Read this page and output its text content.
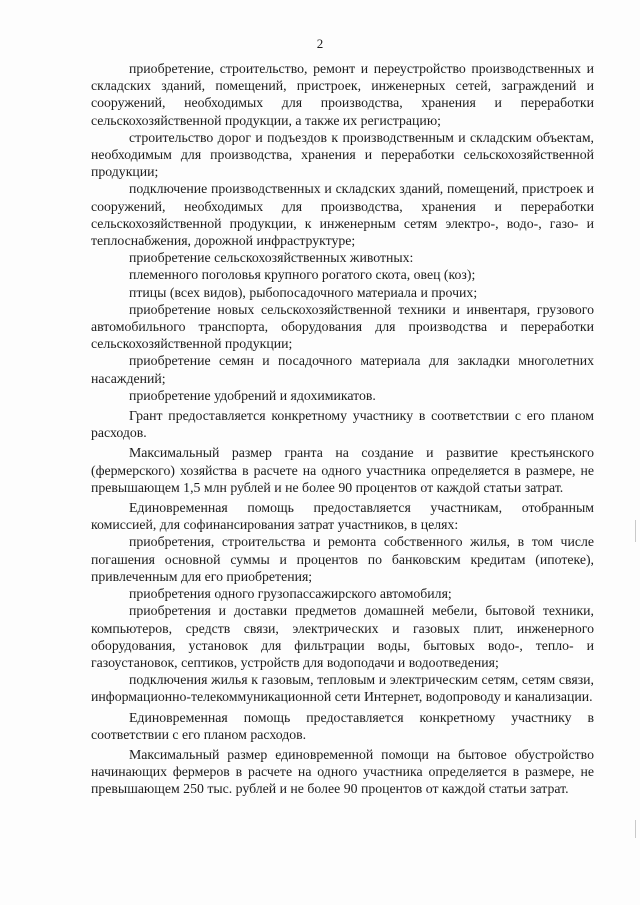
2

приобретение, строительство, ремонт и переустройство производственных и складских зданий, помещений, пристроек, инженерных сетей, заграждений и сооружений, необходимых для производства, хранения и переработки сельскохозяйственной продукции, а также их регистрацию;

строительство дорог и подъездов к производственным и складским объектам, необходимым для производства, хранения и переработки сельскохозяйственной продукции;

подключение производственных и складских зданий, помещений, пристроек и сооружений, необходимых для производства, хранения и переработки сельскохозяйственной продукции, к инженерным сетям электро-, водо-, газо- и теплоснабжения, дорожной инфраструктуре;

приобретение сельскохозяйственных животных:

племенного поголовья крупного рогатого скота, овец (коз);

птицы (всех видов), рыбопосадочного материала и прочих;

приобретение новых сельскохозяйственной техники и инвентаря, грузового автомобильного транспорта, оборудования для производства и переработки сельскохозяйственной продукции;

приобретение семян и посадочного материала для закладки многолетних насаждений;

приобретение удобрений и ядохимикатов.

Грант предоставляется конкретному участнику в соответствии с его планом расходов.

Максимальный размер гранта на создание и развитие крестьянского (фермерского) хозяйства в расчете на одного участника определяется в размере, не превышающем 1,5 млн рублей и не более 90 процентов от каждой статьи затрат.

Единовременная помощь предоставляется участникам, отобранным комиссией, для софинансирования затрат участников, в целях:

приобретения, строительства и ремонта собственного жилья, в том числе погашения основной суммы и процентов по банковским кредитам (ипотеке), привлеченным для его приобретения;

приобретения одного грузопассажирского автомобиля;

приобретения и доставки предметов домашней мебели, бытовой техники, компьютеров, средств связи, электрических и газовых плит, инженерного оборудования, установок для фильтрации воды, бытовых водо-, тепло- и газоустановок, септиков, устройств для водоподачи и водоотведения;

подключения жилья к газовым, тепловым и электрическим сетям, сетям связи, информационно-телекоммуникационной сети Интернет, водопроводу и канализации.

Единовременная помощь предоставляется конкретному участнику в соответствии с его планом расходов.

Максимальный размер единовременной помощи на бытовое обустройство начинающих фермеров в расчете на одного участника определяется в размере, не превышающем 250 тыс. рублей и не более 90 процентов от каждой статьи затрат.
